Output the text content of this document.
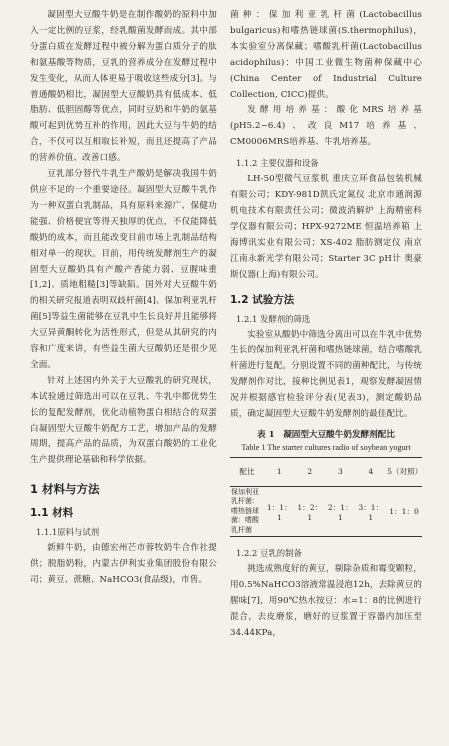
凝固型大豆酸牛奶是在制作酸奶的原料中加入一定比例的豆浆，经乳酸菌发酵而成。其中部分蛋白质在发酵过程中被分解为蛋白质分子的肽和氨基酸等物质，豆乳的营养成分在发酵过程中发生变化，从而人体更易于吸收这些成分[3]。与普通酸奶相比，凝固型大豆酸奶具有低成本、低脂肪、低胆固醇等优点，同时豆奶和牛奶的氨基酸可起到优势互补的作用，因此大豆与牛奶的结合，不仅可以互相取长补短，而且还提高了产品的营养价值、改善口感。

豆乳部分替代牛乳生产酸奶是解决我国牛奶供应不足的一个重要途径。凝固型大豆酸牛乳作为一种双蛋白乳制品，具有原料来源广、保健功能强、价格便宜等得天独厚的优点，不仅能降低酸奶的成本，而且能改变目前市场上乳制品结构相对单一的现状。目前，用传统发酵剂生产的凝固型大豆酸奶具有产酸产香能力弱、豆腥味重[1,2]、质地粗糙[3]等缺陷。国外对大豆酸牛奶的相关研究报道表明双歧杆菌[4]、保加利亚乳杆菌[5]等益生菌能够在豆乳中生长良好并且能够将大豆异黄酮转化为活性形式，但是从其研究的内容和广度来讲，有些益生菌大豆酸奶还是很少见全面。

针对上述国内外关于大豆酸乳的研究现状，本试验通过筛选出可以在豆乳、牛乳中都优势生长的复配发酵剂，优化动植物蛋白相结合的双蛋白凝固型大豆酸牛奶配方工艺，增加产品的发酵周期，提高产品的品质，为双蛋白酸奶的工业化生产提供理论基础和科学依据。

1 材料与方法
1.1 材料
1.1.1原料与试剂

新鲜牛奶，由德宏州芒市蓉牧奶牛合作社提供；脱脂奶粉，内蒙古伊利实业集团股份有限公司；黄豆、蔗糖、NaHCO3(食品级)，市售。

菌种：保加利亚乳杆菌(Lactobacillus bulgaricus)和嗜热链球菌(S.thermophilus)，本实验室分离保藏；嗜酸乳杆菌(Lactobacillus acidophilus)：中国工业微生物菌种保藏中心(China Center of Industrial Culture Collection, CICC)提供。

发酵用培养基：酸化MRS培养基(pH5.2~6.4)、改良M17培养基、CM0006MRS培养基、牛乳培养基。

1.1.2 主要仪器和设备

LH-50型微气豆浆机 重庆立环食品包装机械有限公司；KDY-981D凯氏定氮仪 北京市通润源机电技术有限责任公司；微波消解炉 上海精密科学仪器有限公司；HPX-9272ME 恒温培养箱 上海博讯实业有限公司；XS-402 脂肪测定仪 南京江南永新光学有限公司；Starter 3C pH计 奥豪斯仪器(上海)有限公司。

1.2 试验方法
1.2.1 发酵剂的筛选

实验室从酸奶中筛选分离出可以在牛乳中优势生长的保加利亚乳杆菌和嗜热链球菌，结合嗜酸乳杆菌进行复配。分别设置不同的菌种配比，与传统发酵剂作对比，接种比例见表1，观察发酵凝固情况并根据感官检验评分表(见表3)，测定酸奶品质，确定凝固型大豆酸牛奶发酵剂的最佳配比。

表 1　凝固型大豆酸牛奶发酵剂配比
Table 1 The starter cultures radio of soybean yogurt
配比	1	2	3	4	5（对照）
保加利亚乳杆菌：嗜热链球菌：嗜酸乳杆菌	1：1：1	1：2：1	2：1：1	3：1：1	1：1：0
1.2.2 豆乳的制备

挑选成熟度好的黄豆，剔除杂质和霉变颗粒，用0.5%NaHCO3溶液常温浸泡12h，去除黄豆的腥味[7]，用90℃热水按豆：水=1：8的比例进行混合，去皮磨浆，磨好的豆浆置于容器内加压至34.44KPa，
